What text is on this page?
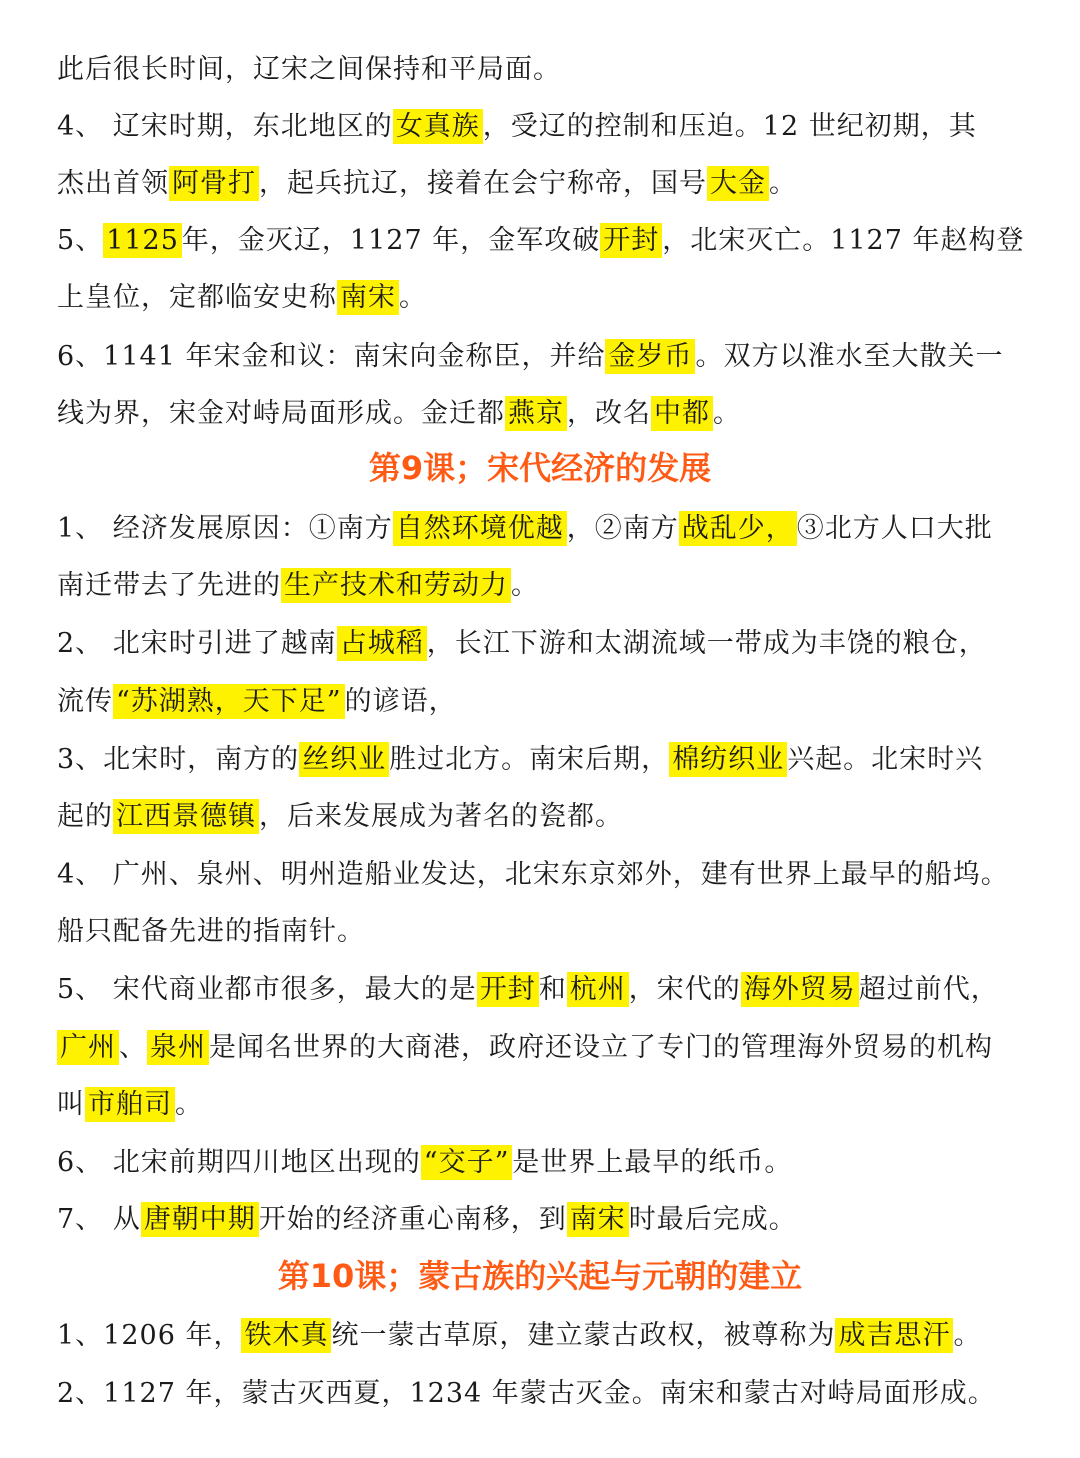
此后很长时间，辽宋之间保持和平局面。
4、 辽宋时期，东北地区的 女真族 ，受辽的控制和压迫。12 世纪初期，其
杰出首领 阿骨打 ，起兵抗辽，接着在会宁称帝，国号 大金 。
5、 1125 年，金灭辽，1127 年，金军攻破 开封 ，北宋灭亡。1127 年赵构登
上皇位，定都临安史称 南宋 。
6、1141 年宋金和议：南宋向金称臣，并给 金岁币 。双方以淮水至大散关一
线为界，宋金对峙局面形成。金迁都 燕京 ，改名 中都 。
第9课；宋代经济的发展
1、 经济发展原因：①南方 自然环境优越 ，②南方 战乱少， ③北方人口大批
南迁带去了先进的 生产技术和劳动力 。
2、 北宋时引进了越南 占城稻 ，长江下游和太湖流域一带成为丰饶的粮仓，
流传 “苏湖熟，天下足” 的谚语，
3、北宋时，南方的 丝织业 胜过北方。南宋后期， 棉纺织业 兴起。北宋时兴
起的 江西景德镇 ，后来发展成为著名的瓷都。
4、 广州、泉州、明州造船业发达，北宋东京郊外，建有世界上最早的船坞。
船只配备先进的指南针。
5、 宋代商业都市很多，最大的是 开封 和 杭州 ，宋代的 海外贸易 超过前代，
广州 、 泉州 是闻名世界的大商港，政府还设立了专门的管理海外贸易的机构
叫 市舶司 。
6、 北宋前期四川地区出现的 “交子” 是世界上最早的纸币。
7、 从 唐朝中期 开始的经济重心南移，到 南宋 时最后完成。
第10课；蒙古族的兴起与元朝的建立
1、1206 年， 铁木真 统一蒙古草原，建立蒙古政权，被尊称为 成吉思汗 。
2、1127 年，蒙古灭西夏，1234 年蒙古灭金。南宋和蒙古对峙局面形成。
